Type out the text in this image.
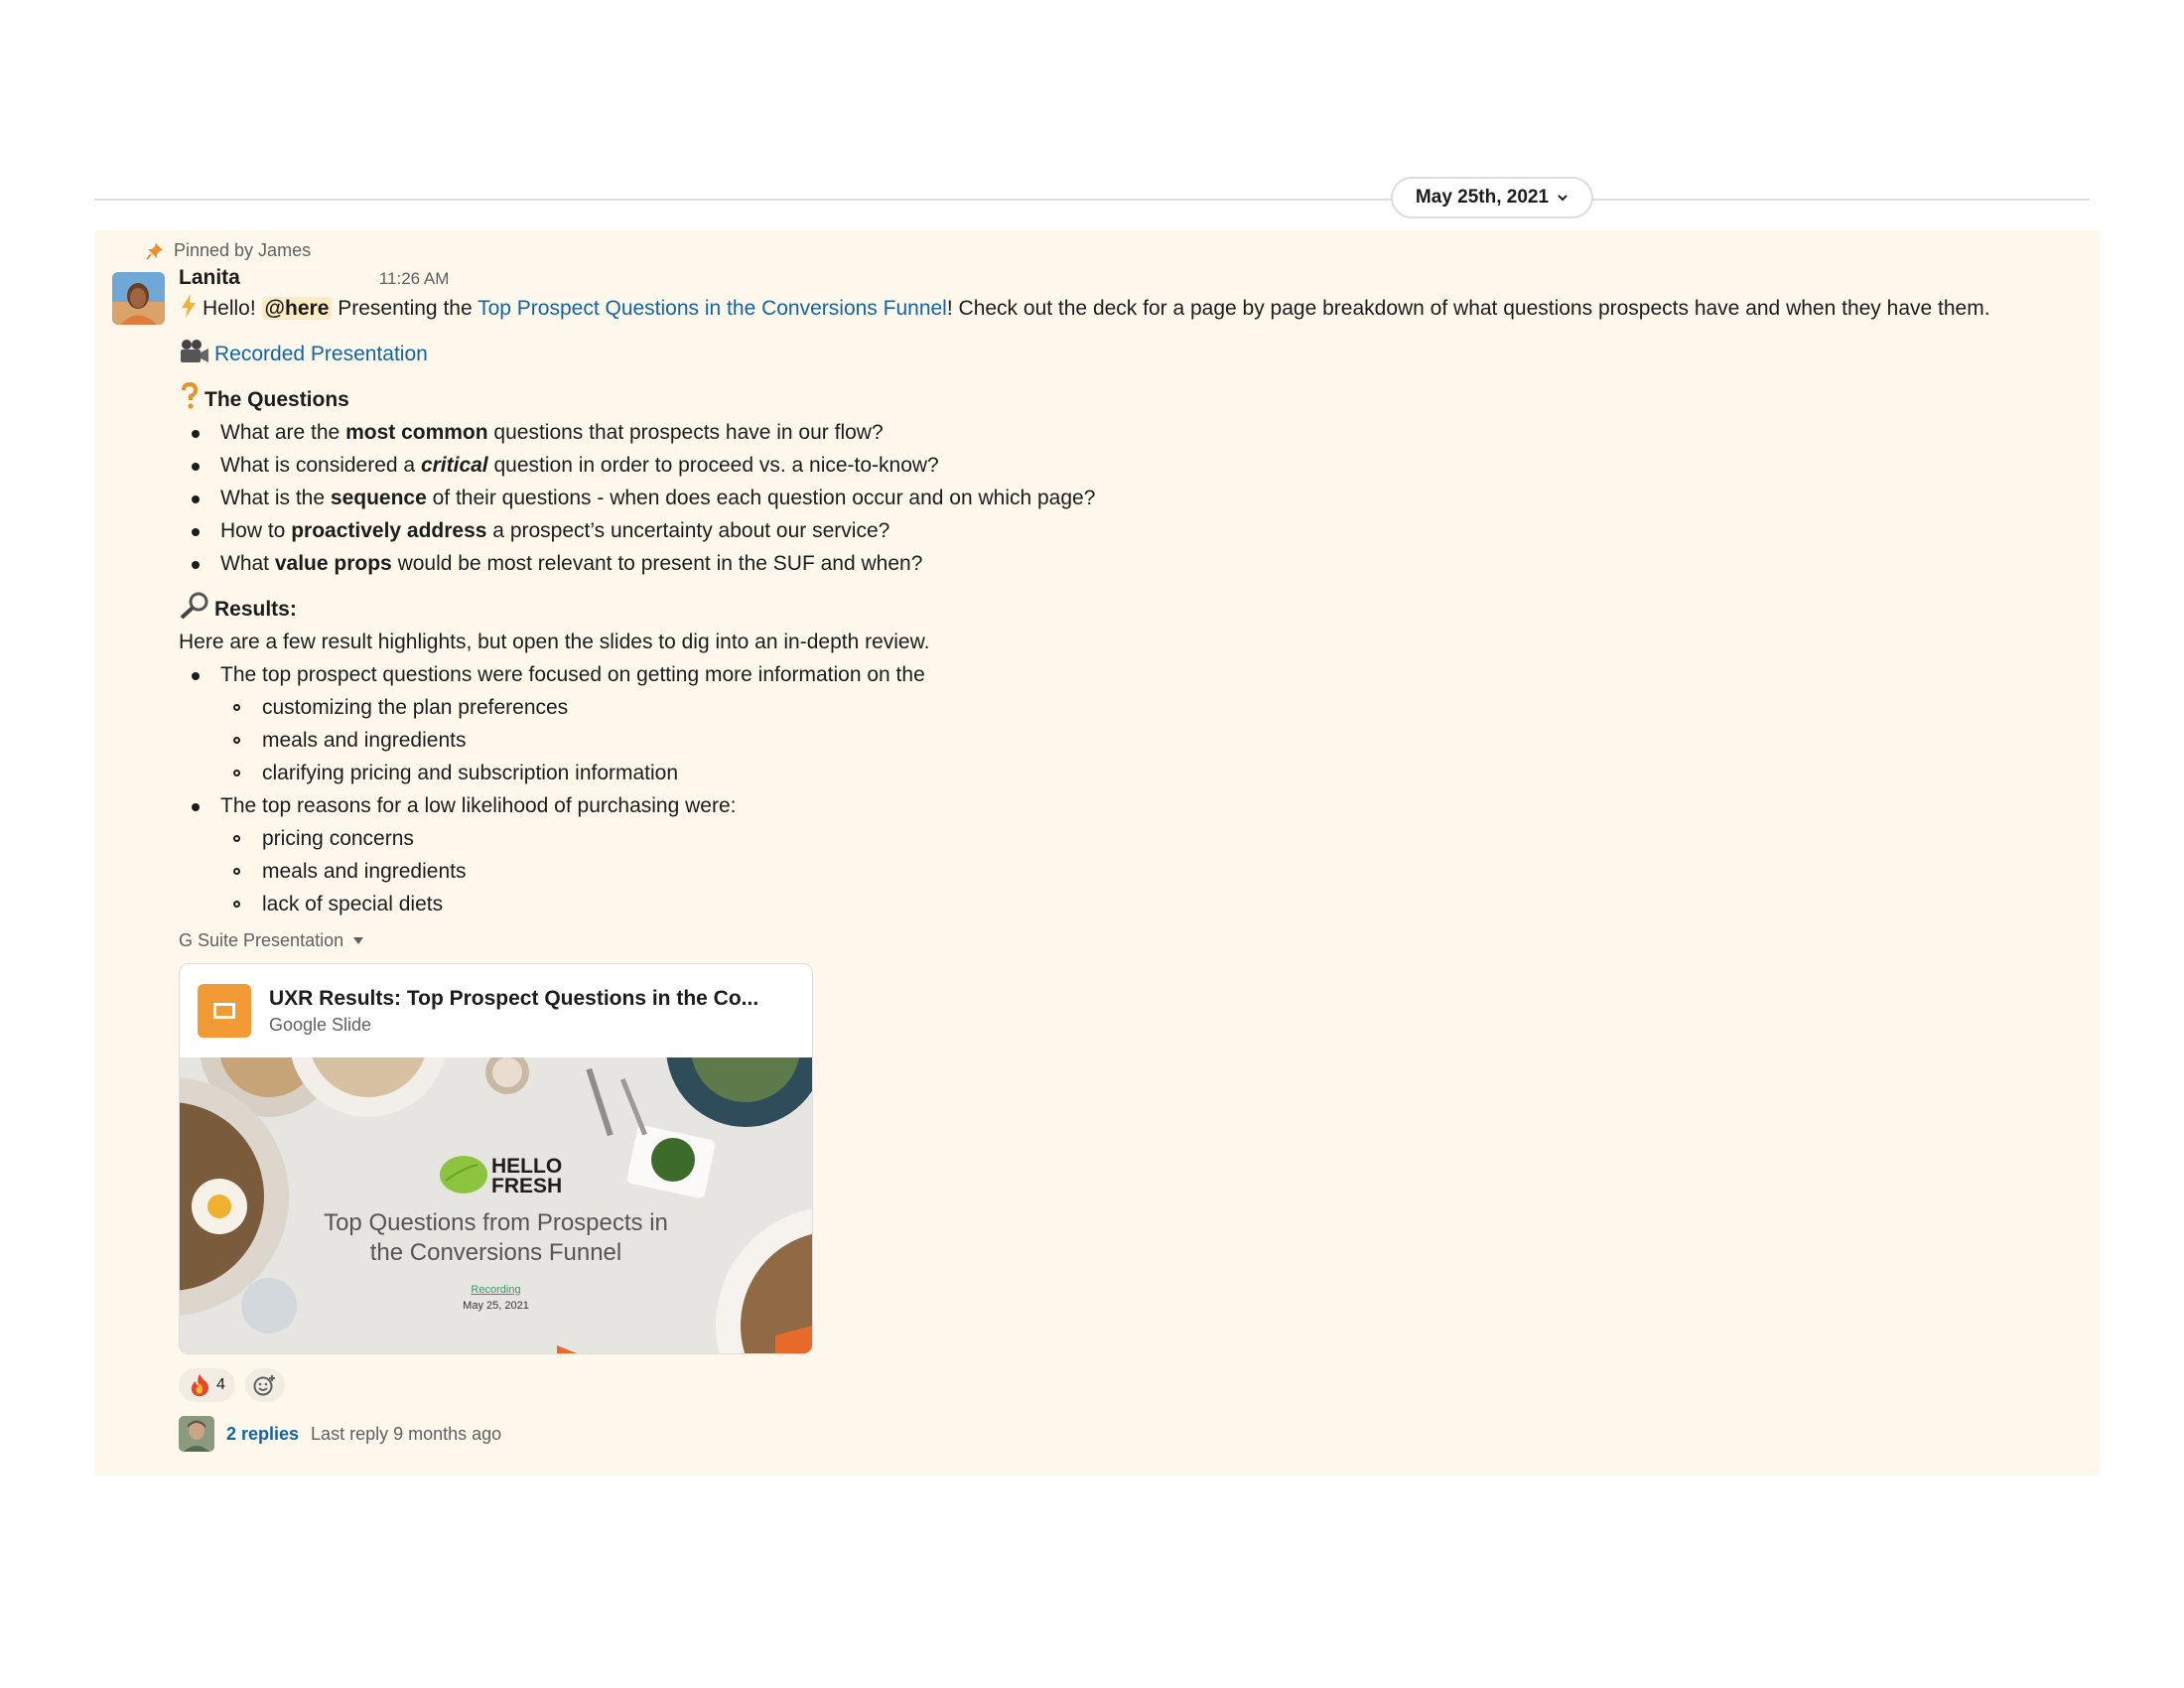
May 25th, 2021
Pinned by James
Lanita	11:26 AM
Hello! @here Presenting the Top Prospect Questions in the Conversions Funnel! Check out the deck for a page by page breakdown of what questions prospects have and when they have them.
Recorded Presentation
The Questions
What are the most common questions that prospects have in our flow?
What is considered a critical question in order to proceed vs. a nice-to-know?
What is the sequence of their questions - when does each question occur and on which page?
How to proactively address a prospect’s uncertainty about our service?
What value props would be most relevant to present in the SUF and when?
Results:
Here are a few result highlights, but open the slides to dig into an in-depth review.
The top prospect questions were focused on getting more information on the
customizing the plan preferences
meals and ingredients
clarifying pricing and subscription information
The top reasons for a low likelihood of purchasing were:
pricing concerns
meals and ingredients
lack of special diets
G Suite Presentation
UXR Results: Top Prospect Questions in the Co...
Google Slide
HELLO
FRESH
Top Questions from Prospects in
the Conversions Funnel
Recording
May 25, 2021
4
2 replies Last reply 9 months ago
